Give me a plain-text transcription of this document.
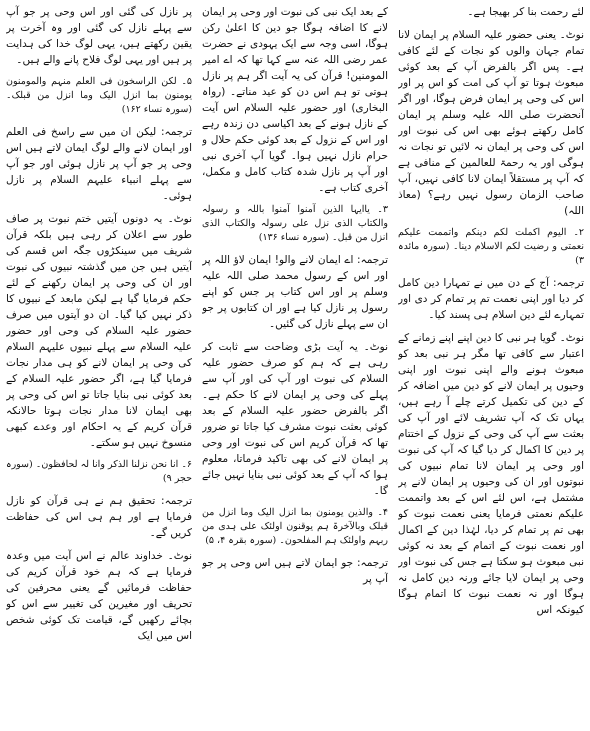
لئے رحمت بنا کر بھیجا ہے۔

نوٹ۔ یعنی حضور علیہ السلام پر ایمان لانا تمام جہان والوں کو نجات کے لئے کافی ہے۔ پس اگر بالفرض آپ کے بعد کوئی مبعوث ہوتا تو آپ کی امت کو اس پر اور اس کی وحی پر ایمان فرض ہوگا، اور اگر آنحضرت صلی اللہ علیہ وسلم پر ایمان کامل رکھتے ہوئے بھی اس کی نبوت اور اس کی وحی پر ایمان نہ لائیں تو نجات نہ ہوگی اور یہ رحمۃ للعالمین کے منافی ہے کہ آپ پر مستقلاً ایمان لانا کافی نہیں، آپ صاحب الزمان رسول نہیں رہے؟ (معاذ اللہ)

۲۔ الیوم اکملت لکم دینکم واتممت علیکم نعمتی و رضیت لکم الاسلام دینا۔ (سورہ مائدہ ۳)

ترجمہ: آج کے دن میں نے تمہارا دین کامل کر دیا اور اپنی نعمت تم پر تمام کر دی اور تمہارے لئے دین اسلام ہی پسند کیا۔

نوٹ۔ گویا ہر نبی کا دین اپنے اپنے زمانے کے اعتبار سے کافی تھا مگر ہر نبی بعد کو مبعوث ہونے والے اپنی نبوت اور اپنی وحیوں پر ایمان لانے کو دین میں اضافہ کر کے دین کی تکمیل کرتے چلے آ رہے ہیں، یہاں تک کہ آپ تشریف لائے اور آپ کی بعثت سے آپ کی وحی کے نزول کے اختتام پر دین کا اکمال کر دیا گیا کہ آپ کی نبوت اور وحی پر ایمان لانا تمام نبیوں کی نبوتوں اور ان کی وحیوں پر ایمان لانے پر مشتمل ہے، اس لئے اس کے بعد واتممت علیکم نعمتی فرمایا یعنی نعمت نبوت کو بھی تم پر تمام کر دیا، لہٰذا دین کے اکمال اور نعمت نبوت کے اتمام کے بعد نہ کوئی نبی مبعوث ہو سکتا ہے جس کی نبوت اور وحی پر ایمان لایا جائے ورنہ دین کامل نہ ہوگا اور نہ نعمت نبوت کا اتمام ہوگا کیونکہ اس

کے بعد ایک نبی کی نبوت اور وحی پر ایمان لانے کا اضافہ ہوگا جو دین کا اعلیٰ رکن ہوگا، اسی وجہ سے ایک یہودی نے حضرت عمر رضی اللہ عنہ سے کہا تھا کہ اے امیر المومنین! قرآن کی یہ آیت اگر ہم پر نازل ہوتی تو ہم اس دن کو عید مناتے۔ (رواہ البخاری) اور حضور علیہ السلام اس آیت کے نازل ہونے کے بعد اکیاسی دن زندہ رہے اور اس کے نزول کے بعد کوئی حکم حلال و حرام نازل نہیں ہوا۔ گویا آپ آخری نبی اور آپ پر نازل شدہ کتاب کامل و مکمل، آخری کتاب ہے۔

۳۔ یاایہا الذین آمنوا آمنوا باللہ و رسولہ والکتاب الذی نزل علی رسولہ والکتاب الذی انزل من قبل۔ (سورہ نساء ۱۳۶)

ترجمہ: اے ایمان لانے والو! ایمان لاؤ اللہ پر اور اس کے رسول محمد صلی اللہ علیہ وسلم پر اور اس کتاب پر جس کو اپنے رسول پر نازل کیا ہے اور ان کتابوں پر جو ان سے پہلے نازل کی گئیں۔

نوٹ۔ یہ آیت بڑی وضاحت سے ثابت کر رہی ہے کہ ہم کو صرف حضور علیہ السلام کی نبوت اور آپ کی اور آپ سے پہلے کی وحی پر ایمان لانے کا حکم ہے۔ اگر بالفرض حضور علیہ السلام کے بعد کوئی بعثت نبوت مشرف کیا جاتا تو ضرور تھا کہ قرآن کریم اس کی نبوت اور وحی پر ایمان لانے کی بھی تاکید فرماتا، معلوم ہوا کہ آپ کے بعد کوئی نبی بنایا نہیں جائے گا۔

۴۔ والذین یومنون بما انزل الیک وما انزل من قبلک وبالآخرۃ ہم یوقنون اولئک علی ہدی من ربہم واولئک ہم المفلحون۔ (سورہ بقرہ ۴، ۵)

ترجمہ: جو ایمان لاتے ہیں اس وحی پر جو آپ پر

پر نازل کی گئی اور اس وحی پر جو آپ سے پہلے نازل کی گئی اور وہ آخرت پر یقین رکھتے ہیں، یہی لوگ خدا کی ہدایت پر ہیں اور یہی لوگ فلاح پانے والے ہیں۔

۵۔ لکن الراسخون فی العلم منہم والمومنون یومنون بما انزل الیک وما انزل من قبلک۔ (سورہ نساء ۱۶۲)

ترجمہ: لیکن ان میں سے راسخ فی العلم اور ایمان لانے والے لوگ ایمان لاتے ہیں اس وحی پر جو آپ پر نازل ہوئی اور جو آپ سے پہلے انبیاء علیہم السلام پر نازل ہوئی۔

نوٹ۔ یہ دونوں آیتیں ختم نبوت پر صاف طور سے اعلان کر رہی ہیں بلکہ قرآن شریف میں سینکڑوں جگہ اس قسم کی آیتیں ہیں جن میں گذشتہ نبیوں کی نبوت اور ان کی وحی پر ایمان رکھنے کے لئے حکم فرمایا گیا ہے لیکن مابعد کے نبیوں کا ذکر نہیں کیا گیا۔ ان دو آیتوں میں صرف حضور علیہ السلام کی وحی اور حضور علیہ السلام سے پہلے نبیوں علیہم السلام کی وحی پر ایمان لانے کو ہی مدار نجات فرمایا گیا ہے، اگر حضور علیہ السلام کے بعد کوئی نبی بنایا جاتا تو اس کی وحی پر بھی ایمان لانا مدار نجات ہوتا حالانکہ قرآن کریم کے یہ احکام اور وعدے کبھی منسوخ نہیں ہو سکتے۔

۶۔ انا نحن نزلنا الذکر وانا لہ لحافظون۔ (سورہ حجر ۹)

ترجمہ: تحقیق ہم نے ہی قرآن کو نازل فرمایا ہے اور ہم ہی اس کی حفاظت کریں گے۔

نوٹ۔ خداوند عالم نے اس آیت میں وعدہ فرمایا ہے کہ ہم خود قرآن کریم کی حفاظت فرمائیں گے یعنی محرفین کی تحریف اور مغیرین کی تغییر سے اس کو بچائے رکھیں گے، قیامت تک کوئی شخص اس میں ایک
